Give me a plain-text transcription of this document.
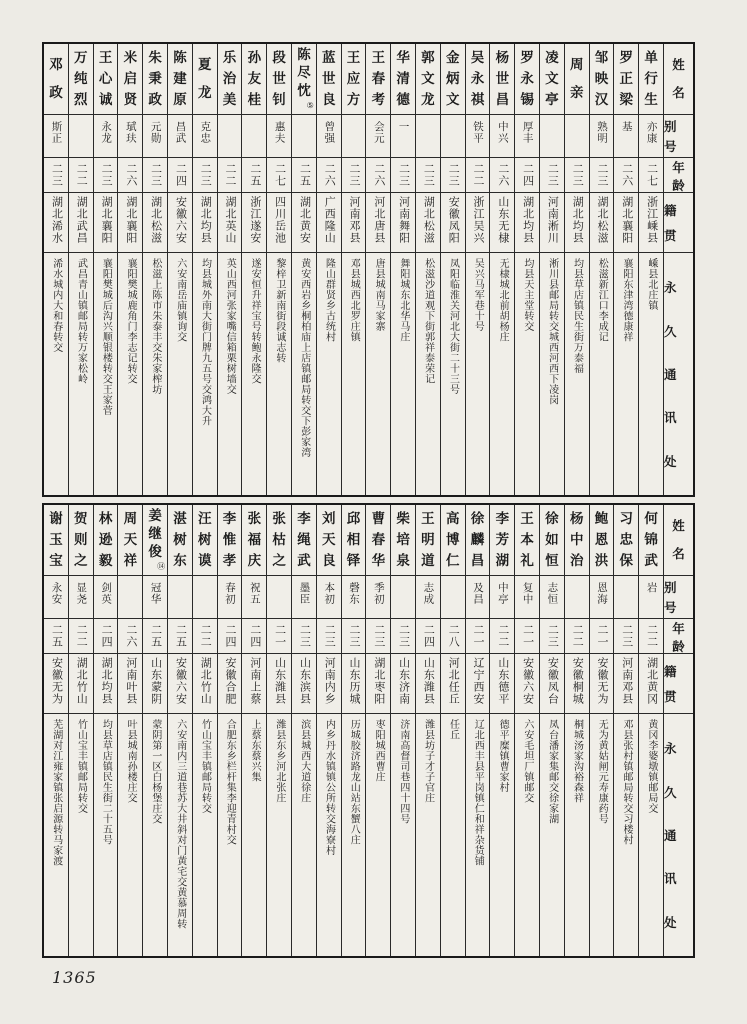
姓
名
别
号
年
龄
籍
贯
永
久
通
讯
处
单
行
生
亦康
二七
浙江嵊县
嵊县北庄镇
罗
正
梁
基
二六
湖北襄阳
襄阳东津湾德康祥
邹
映
汉
熟明
二三
湖北松滋
松滋新江口李成记
周
亲
二三
湖北均县
均县草店镇民生街万泰福
凌
文
亭
二三
河南淅川
淅川县邮局转交城西河西下凌岗
罗
永
锡
厚丰
二四
湖北均县
均县天主堂转交
杨
世
昌
中兴
二六
山东无棣
无棣城北前胡杨庄
吴
永
祺
铁平
二二
浙江吴兴
吴兴马军巷十号
金
炳
文
二三
安徽凤阳
凤阳临淮关河北大街二十三号
郭
文
龙
二三
湖北松滋
松滋沙道观下街郭祥泰荣记
华
清
德
一
二三
河南舞阳
舞阳城东北华马庄
王
春
考
会元
二六
河北唐县
唐县城南马家寨
王
应
方
二三
河南邓县
邓县城西北罗庄镇
蓝
世
良
曾强
二六
广西隆山
隆山群贤乡古统村
陈
尽
忱
⑤
二五
湖北黄安
黄安西岩乡桐柏庙上店镇邮局转交下彭家湾
段
世
钊
惠夫
二七
四川岳池
黎梓卫新南街段诚志转
孙
友
桂
二五
浙江遂安
遂安恒升祥宝号转鲍永隆交
乐
治
美
二二
湖北英山
英山西河张家嘴信箱栗树墙交
夏
龙
克忠
二三
湖北均县
均县城外南大街门牌九五号交鸿大升
陈
建
原
昌武
二四
安徽六安
六安南岳庙镇询交
朱
秉
政
元勋
二三
湖北松滋
松滋上陈市朱泰丰交朱家榨坊
米
启
贤
珷玞
二六
湖北襄阳
襄阳樊城鹿角门李志记转交
王
心
诚
永龙
二三
湖北襄阳
襄阳樊城后沟兴顺银楼转交王家菅
万
纯
烈
二二
湖北武昌
武昌青山镇邮局转万家松岭
邓
政
斯正
二三
湖北浠水
浠水城内大和春转交
姓
名
别
号
年
龄
籍
贯
永
久
通
讯
处
何
锦
武
岩
二二
湖北黄冈
黄冈李婆墩镇邮局交
习
忠
保
二三
河南邓县
邓县张村镇邮局转交习楼村
鲍
恩
洪
恩海
二一
安徽无为
无为黄姑闸元寿康药号
杨
中
治
二二
安徽桐城
桐城汤家沟裕森祥
徐
如
恒
志恒
二三
安徽凤台
凤台潘家集邮交徐家湖
王
本
礼
复中
二一
安徽六安
六安毛坦厂镇邮交
李
芳
湖
中亭
二二
山东德平
德平糜镇曹家村
徐
麟
昌
及昌
二一
辽宁西安
辽北西丰县平岗镇仁和祥杂货铺
高
博
仁
二八
河北任丘
任丘
王
明
道
志成
二四
山东潍县
潍县坊子才子官庄
柴
培
泉
二三
山东济南
济南高督司巷四十四号
曹
春
华
季初
二三
湖北枣阳
枣阳城西曹庄
邱
相
铎
磬东
二三
山东历城
历城胶济路龙山站东蟹八庄
刘
天
良
本初
二三
河南内乡
内乡丹水镇镇公所转交海寮村
李
绳
武
墨臣
二三
山东滨县
滨县城西大道徐庄
张
枯
之
二一
山东潍县
潍县东乡河北张庄
张
福
庆
祝五
二四
河南上蔡
上蔡东蔡兴集
李
惟
孝
春初
二四
安徽合肥
合肥东乡栏杆集李迎青村交
汪
树
谟
二二
湖北竹山
竹山宝丰镇邮局转交
湛
树
东
二五
安徽六安
六安南内三道巷苏大井斜对门黄宅交黄慕周转
姜
继
俊
⑭
冠华
二五
山东蒙阴
蒙阴第一区白杨堡庄交
周
天
祥
二六
河南叶县
叶县城南孙楼庄交
林
逊
毅
剑英
二四
湖北均县
均县草店镇民生街二十五号
贺
则
之
显尧
二二
湖北竹山
竹山宝丰镇邮局转交
谢
玉
宝
永安
二五
安徽无为
芜湖对江雍家镇张启源转马家渡
1365
